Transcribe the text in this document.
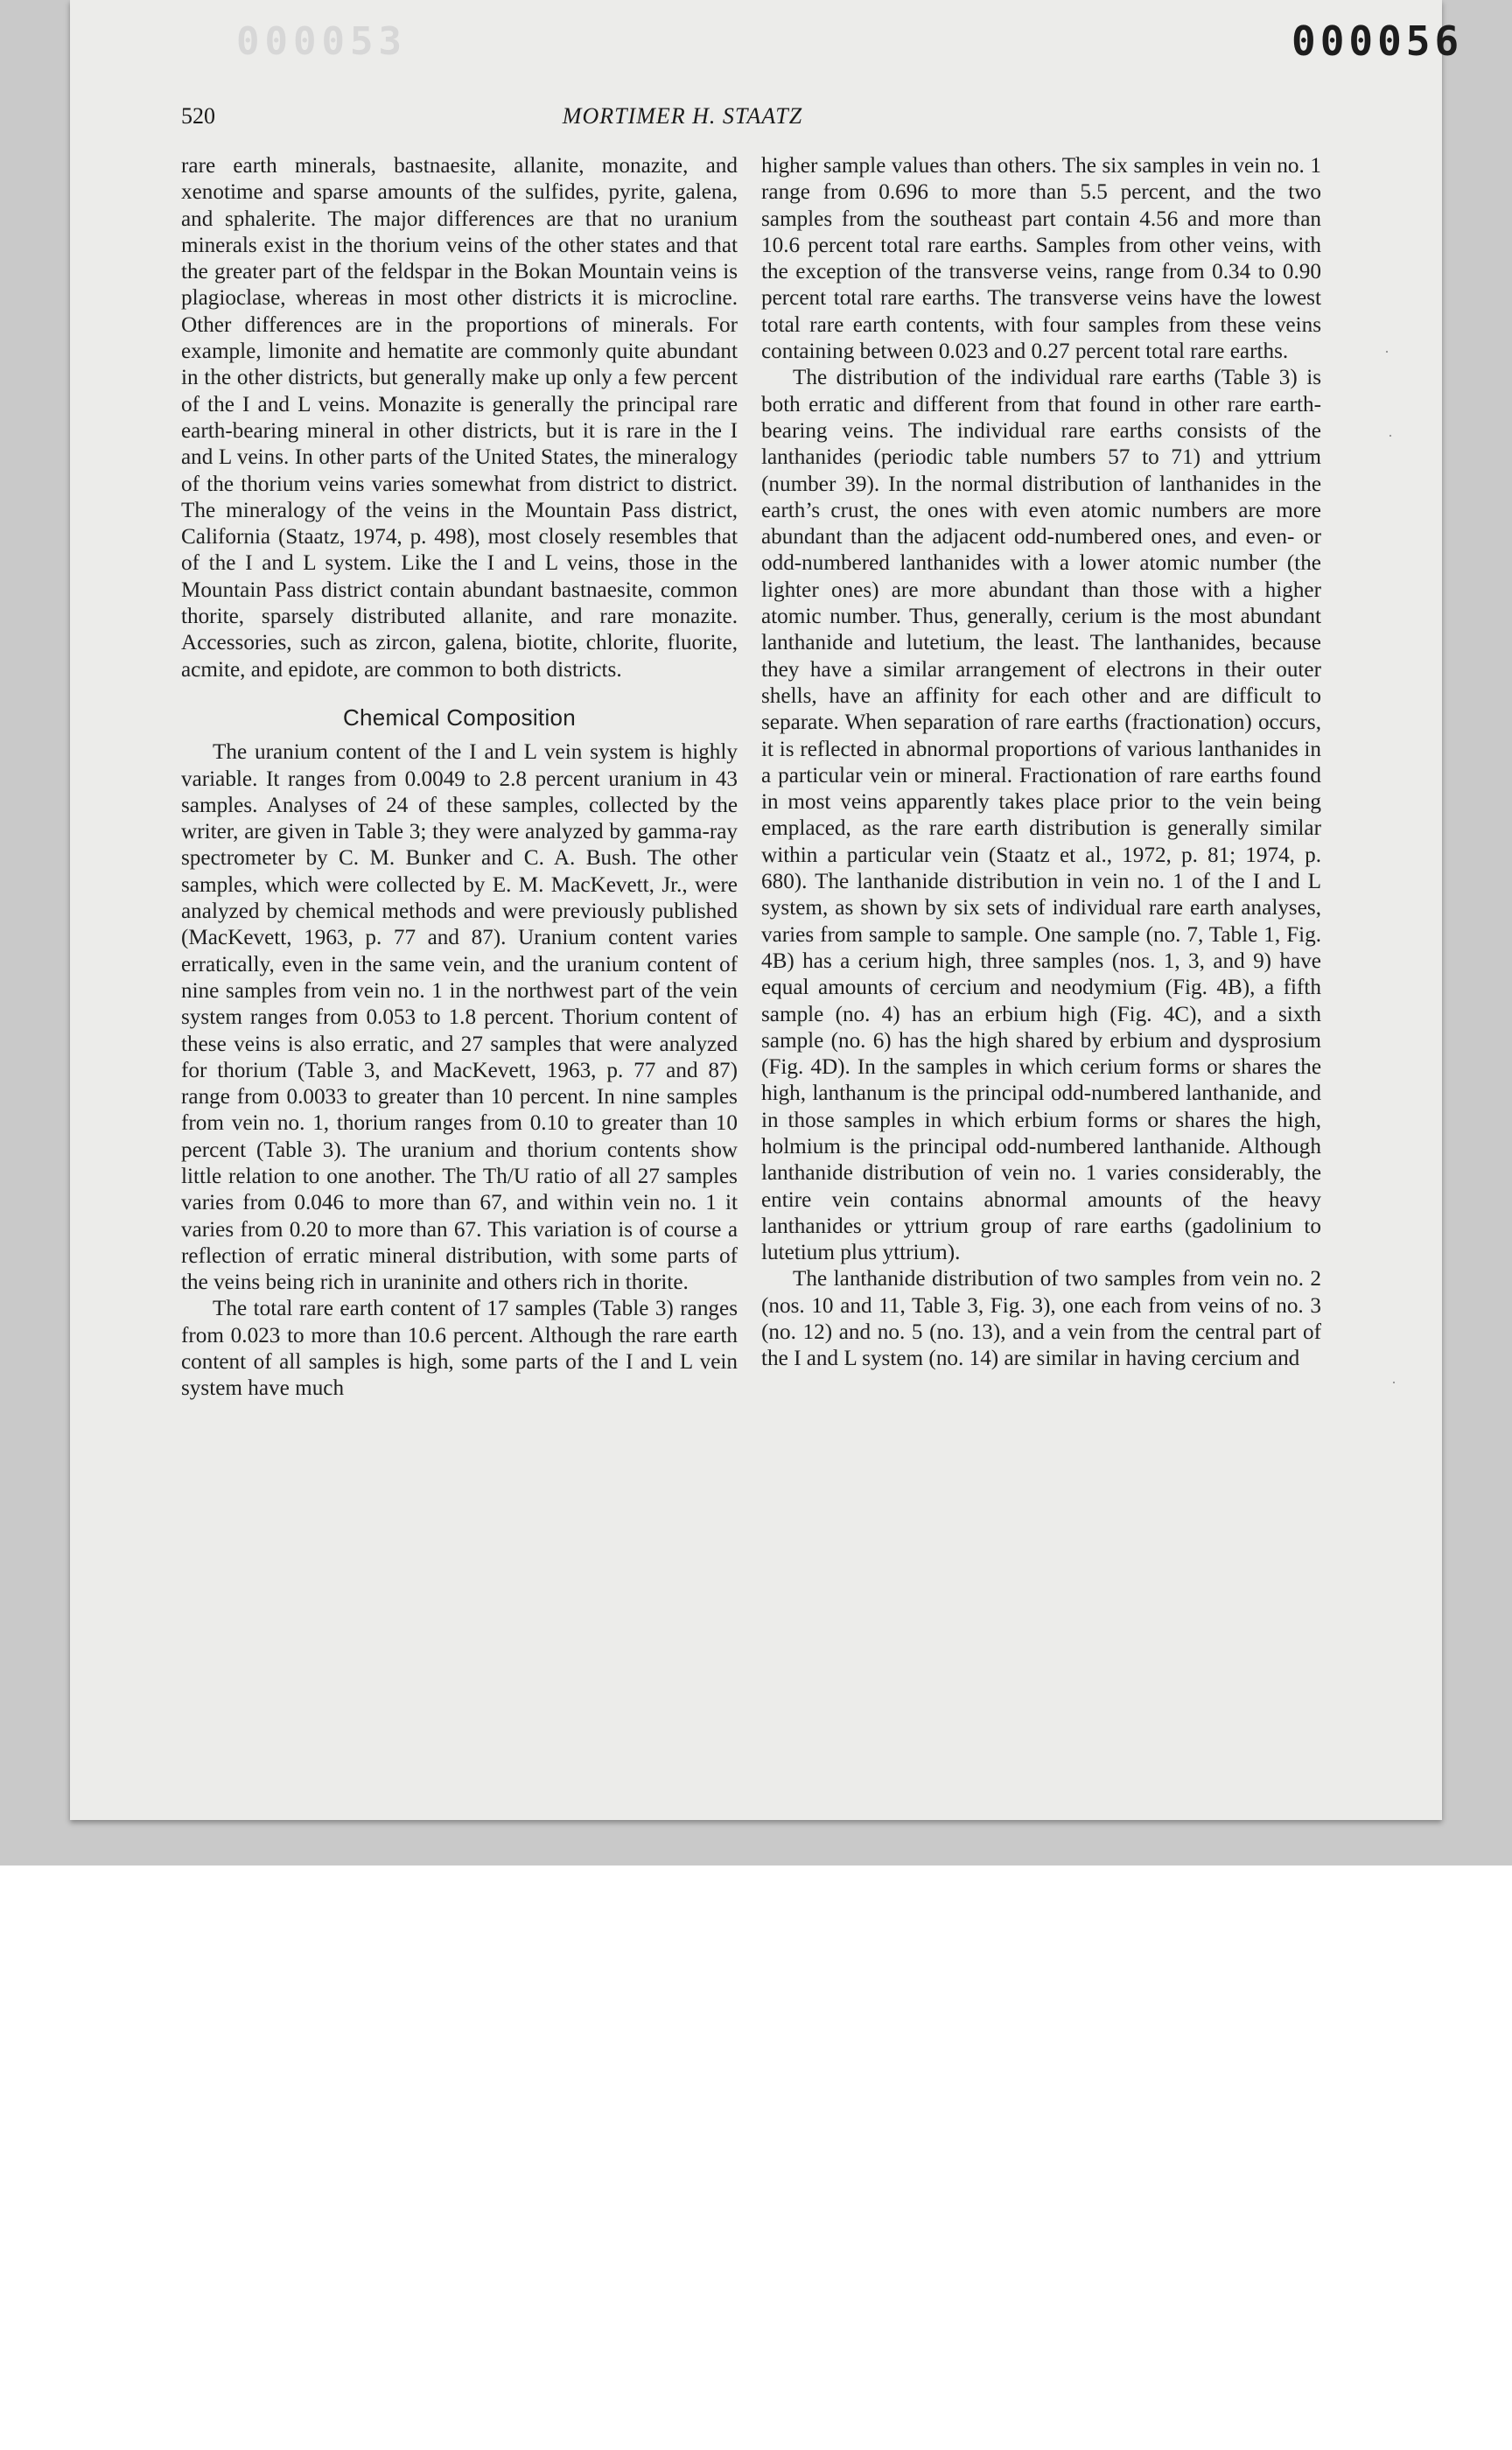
000053	000056
520	MORTIMER H. STAATZ

rare earth minerals, bastnaesite, allanite, monazite, and xenotime and sparse amounts of the sulfides, pyrite, galena, and sphalerite. The major differences are that no uranium minerals exist in the thorium veins of the other states and that the greater part of the feldspar in the Bokan Mountain veins is plagioclase, whereas in most other districts it is microcline. Other differences are in the proportions of minerals. For example, limonite and hematite are commonly quite abundant in the other districts, but generally make up only a few percent of the I and L veins. Monazite is generally the principal rare earth-bearing mineral in other districts, but it is rare in the I and L veins. In other parts of the United States, the mineralogy of the thorium veins varies somewhat from district to district. The mineralogy of the veins in the Mountain Pass district, California (Staatz, 1974, p. 498), most closely resembles that of the I and L system. Like the I and L veins, those in the Mountain Pass district contain abundant bastnaesite, common thorite, sparsely distributed allanite, and rare monazite. Accessories, such as zircon, galena, biotite, chlorite, fluorite, acmite, and epidote, are common to both districts.

Chemical Composition

The uranium content of the I and L vein system is highly variable. It ranges from 0.0049 to 2.8 percent uranium in 43 samples. Analyses of 24 of these samples, collected by the writer, are given in Table 3; they were analyzed by gamma-ray spectrometer by C. M. Bunker and C. A. Bush. The other samples, which were collected by E. M. MacKevett, Jr., were analyzed by chemical methods and were previously published (MacKevett, 1963, p. 77 and 87). Uranium content varies erratically, even in the same vein, and the uranium content of nine samples from vein no. 1 in the northwest part of the vein system ranges from 0.053 to 1.8 percent. Thorium content of these veins is also erratic, and 27 samples that were analyzed for thorium (Table 3, and MacKevett, 1963, p. 77 and 87) range from 0.0033 to greater than 10 percent. In nine samples from vein no. 1, thorium ranges from 0.10 to greater than 10 percent (Table 3). The uranium and thorium contents show little relation to one another. The Th/U ratio of all 27 samples varies from 0.046 to more than 67, and within vein no. 1 it varies from 0.20 to more than 67. This variation is of course a reflection of erratic mineral distribution, with some parts of the veins being rich in uraninite and others rich in thorite.

The total rare earth content of 17 samples (Table 3) ranges from 0.023 to more than 10.6 percent. Although the rare earth content of all samples is high, some parts of the I and L vein system have much

higher sample values than others. The six samples in vein no. 1 range from 0.696 to more than 5.5 percent, and the two samples from the southeast part contain 4.56 and more than 10.6 percent total rare earths. Samples from other veins, with the exception of the transverse veins, range from 0.34 to 0.90 percent total rare earths. The transverse veins have the lowest total rare earth contents, with four samples from these veins containing between 0.023 and 0.27 percent total rare earths.

The distribution of the individual rare earths (Table 3) is both erratic and different from that found in other rare earth-bearing veins. The individual rare earths consists of the lanthanides (periodic table numbers 57 to 71) and yttrium (number 39). In the normal distribution of lanthanides in the earth’s crust, the ones with even atomic numbers are more abundant than the adjacent odd-numbered ones, and even- or odd-numbered lanthanides with a lower atomic number (the lighter ones) are more abundant than those with a higher atomic number. Thus, generally, cerium is the most abundant lanthanide and lutetium, the least. The lanthanides, because they have a similar arrangement of electrons in their outer shells, have an affinity for each other and are difficult to separate. When separation of rare earths (fractionation) occurs, it is reflected in abnormal proportions of various lanthanides in a particular vein or mineral. Fractionation of rare earths found in most veins apparently takes place prior to the vein being emplaced, as the rare earth distribution is generally similar within a particular vein (Staatz et al., 1972, p. 81; 1974, p. 680). The lanthanide distribution in vein no. 1 of the I and L system, as shown by six sets of individual rare earth analyses, varies from sample to sample. One sample (no. 7, Table 1, Fig. 4B) has a cerium high, three samples (nos. 1, 3, and 9) have equal amounts of cercium and neodymium (Fig. 4B), a fifth sample (no. 4) has an erbium high (Fig. 4C), and a sixth sample (no. 6) has the high shared by erbium and dysprosium (Fig. 4D). In the samples in which cerium forms or shares the high, lanthanum is the principal odd-numbered lanthanide, and in those samples in which erbium forms or shares the high, holmium is the principal odd-numbered lanthanide. Although lanthanide distribution of vein no. 1 varies considerably, the entire vein contains abnormal amounts of the heavy lanthanides or yttrium group of rare earths (gadolinium to lutetium plus yttrium).

The lanthanide distribution of two samples from vein no. 2 (nos. 10 and 11, Table 3, Fig. 3), one each from veins of no. 3 (no. 12) and no. 5 (no. 13), and a vein from the central part of the I and L system (no. 14) are similar in having cercium and

·
·
·
